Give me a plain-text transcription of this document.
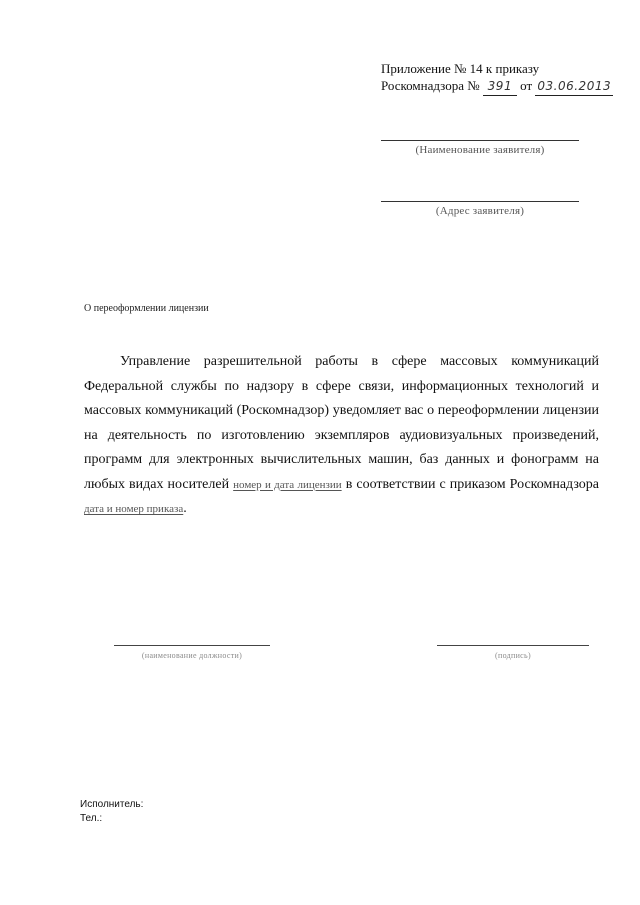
Приложение № 14 к приказу
Роскомнадзора № 391 от 03.06.2013
(Наименование заявителя)
(Адрес заявителя)
О переоформлении лицензии

Управление разрешительной работы в сфере массовых коммуникаций Федеральной службы по надзору в сфере связи, информационных технологий и массовых коммуникаций (Роскомнадзор) уведомляет вас о переоформлении лицензии на деятельность по изготовлению экземпляров аудиовизуальных произведений, программ для электронных вычислительных машин, баз данных и фонограмм на любых видах носителей номер и дата лицензии в соответствии с приказом Роскомнадзора дата и номер приказа.

(наименование должности)	(подпись)
Исполнитель:
Тел.:
